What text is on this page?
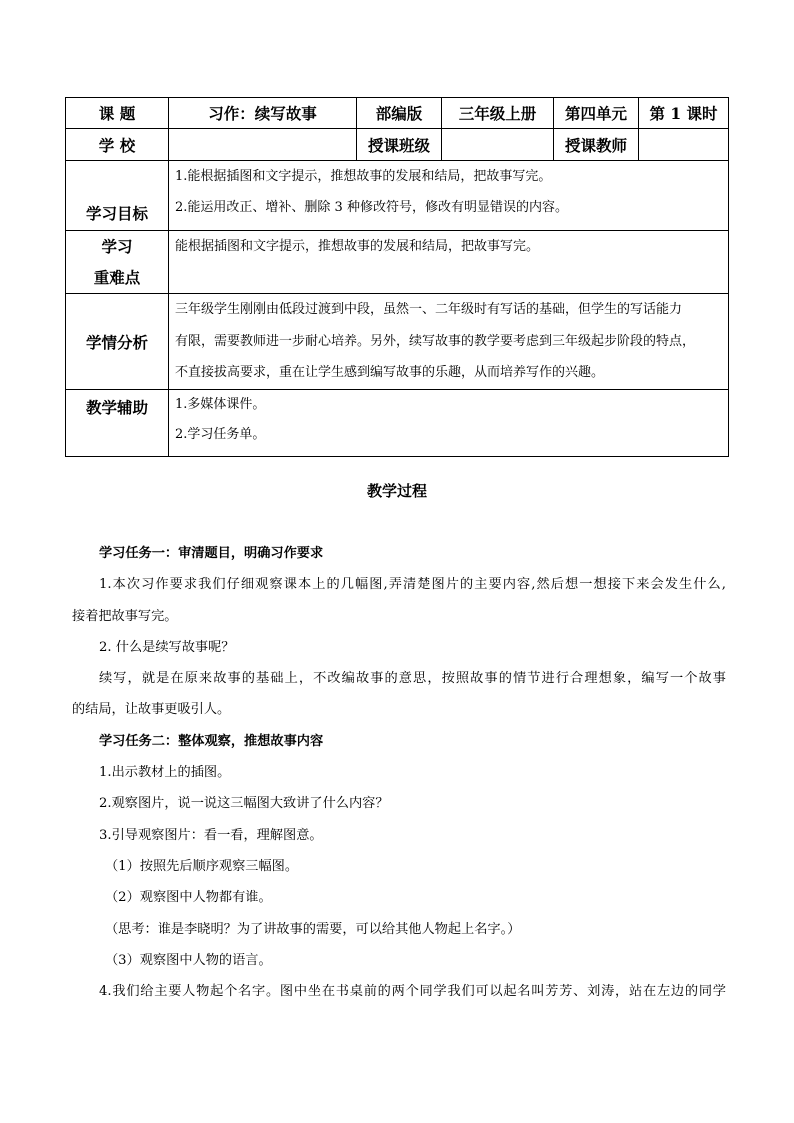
课 题	习作：续写故事	部编版	三年级上册	第四单元	第 1 课时
学 校		授课班级		授课教师	
学习目标	1.能根据插图和文字提示，推想故事的发展和结局，把故事写完。
2.能运用改正、增补、删除 3 种修改符号，修改有明显错误的内容。				

学习
重难点	能根据插图和文字提示，推想故事的发展和结局，把故事写完。				

学情分析	三年级学生刚刚由低段过渡到中段，虽然一、二年级时有写话的基础，但学生的写话能力
有限，需要教师进一步耐心培养。另外，续写故事的教学要考虑到三年级起步阶段的特点，
不直接拔高要求，重在让学生感到编写故事的乐趣，从而培养写作的兴趣。				

教学辅助	1.多媒体课件。
2.学习任务单。				
教学过程

学习任务一：审清题目，明确习作要求

1.本次习作要求我们仔细观察课本上的几幅图,弄清楚图片的主要内容,然后想一想接下来会发生什么,

接着把故事写完。

2. 什么是续写故事呢？

续写，就是在原来故事的基础上，不改编故事的意思，按照故事的情节进行合理想象，编写一个故事

的结局，让故事更吸引人。

学习任务二：整体观察，推想故事内容

1.出示教材上的插图。

2.观察图片，说一说这三幅图大致讲了什么内容？

3.引导观察图片：看一看，理解图意。

（1）按照先后顺序观察三幅图。

（2）观察图中人物都有谁。

（思考：谁是李晓明？为了讲故事的需要，可以给其他人物起上名字。）

（3）观察图中人物的语言。

4.我们给主要人物起个名字。图中坐在书桌前的两个同学我们可以起名叫芳芳、刘涛，站在左边的同学
